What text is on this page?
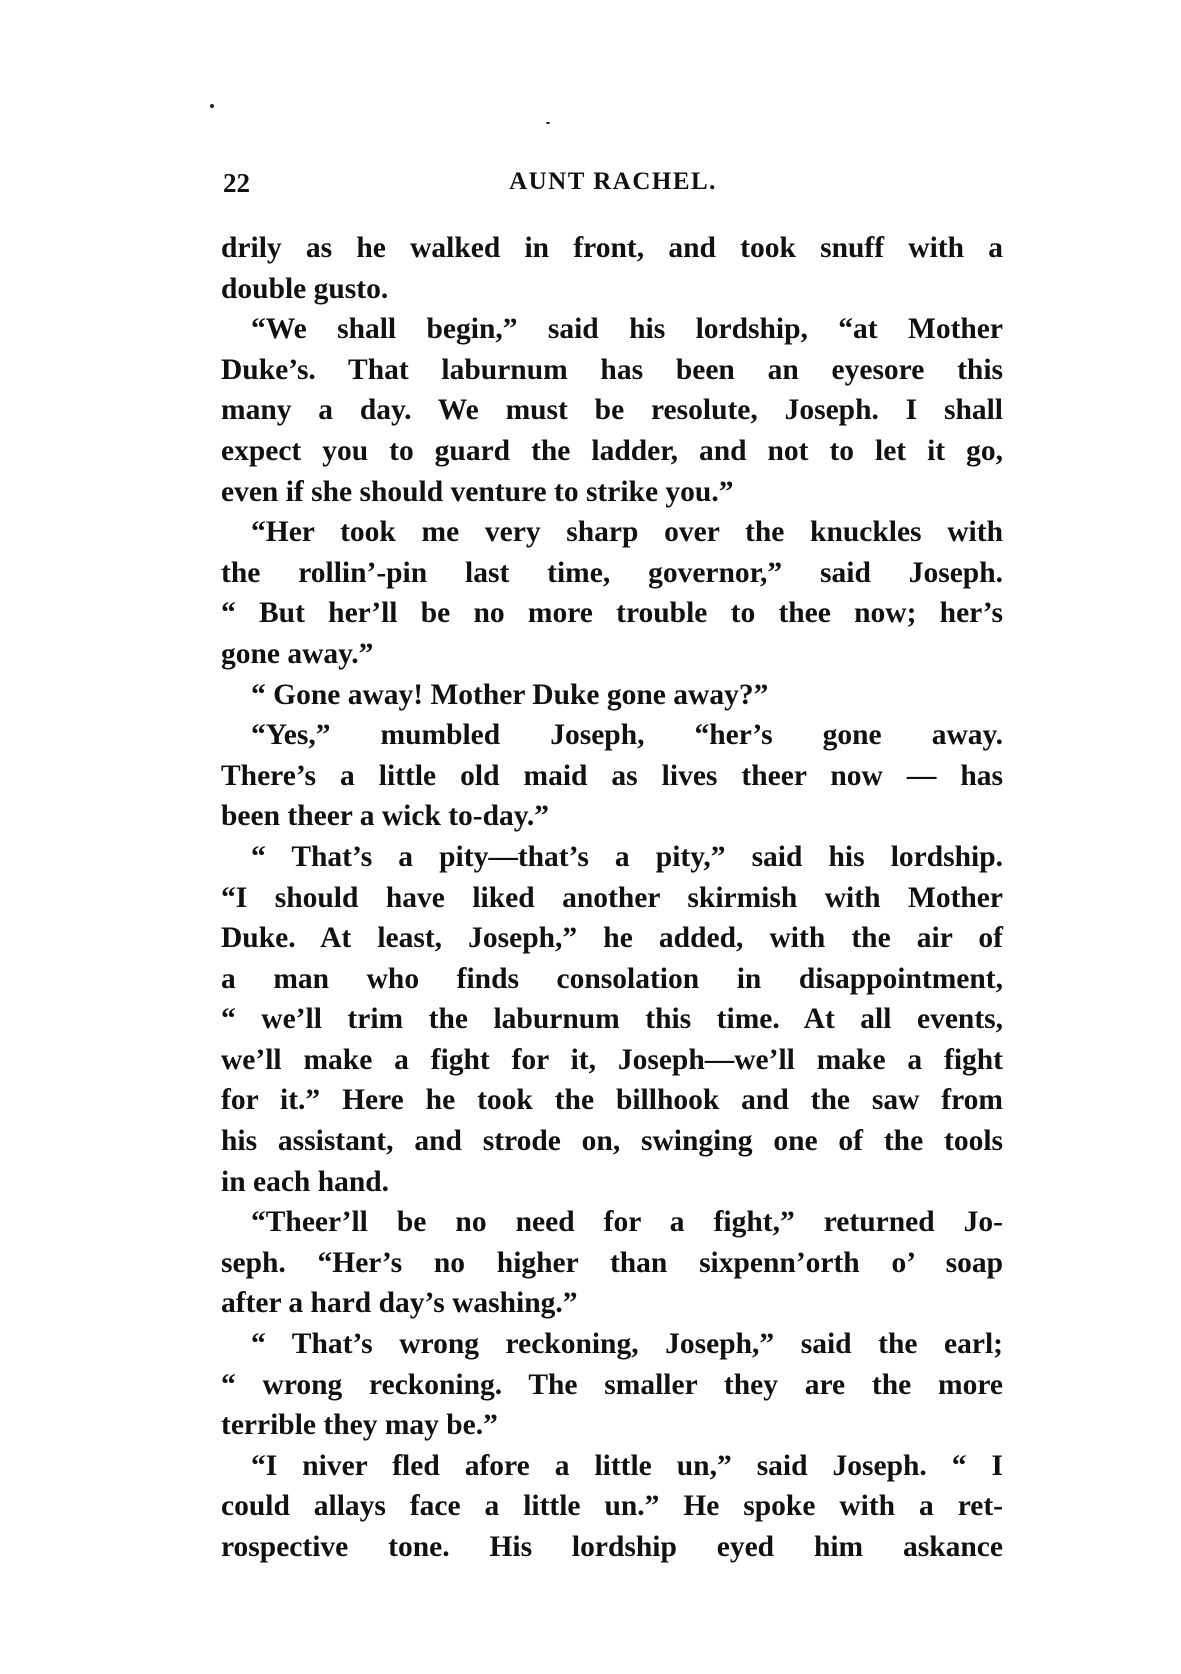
22	AUNT RACHEL.
drily as he walked in front, and took snuff with a
double gusto.
“We shall begin,” said his lordship, “at Mother
Duke’s. That laburnum has been an eyesore this
many a day. We must be resolute, Joseph. I shall
expect you to guard the ladder, and not to let it go,
even if she should venture to strike you.”
“Her took me very sharp over the knuckles with
the rollin’-pin last time, governor,” said Joseph.
“ But her’ll be no more trouble to thee now; her’s
gone away.”
“ Gone away! Mother Duke gone away?”
“Yes,” mumbled Joseph, “her’s gone away.
There’s a little old maid as lives theer now — has
been theer a wick to-day.”
“ That’s a pity—that’s a pity,” said his lordship.
“I should have liked another skirmish with Mother
Duke. At least, Joseph,” he added, with the air of
a man who finds consolation in disappointment,
“ we’ll trim the laburnum this time. At all events,
we’ll make a fight for it, Joseph—we’ll make a fight
for it.” Here he took the billhook and the saw from
his assistant, and strode on, swinging one of the tools
in each hand.
“Theer’ll be no need for a fight,” returned Jo-
seph. “Her’s no higher than sixpenn’orth o’ soap
after a hard day’s washing.”
“ That’s wrong reckoning, Joseph,” said the earl;
“ wrong reckoning. The smaller they are the more
terrible they may be.”
“I niver fled afore a little un,” said Joseph. “ I
could allays face a little un.” He spoke with a ret-
rospective tone. His lordship eyed him askance
